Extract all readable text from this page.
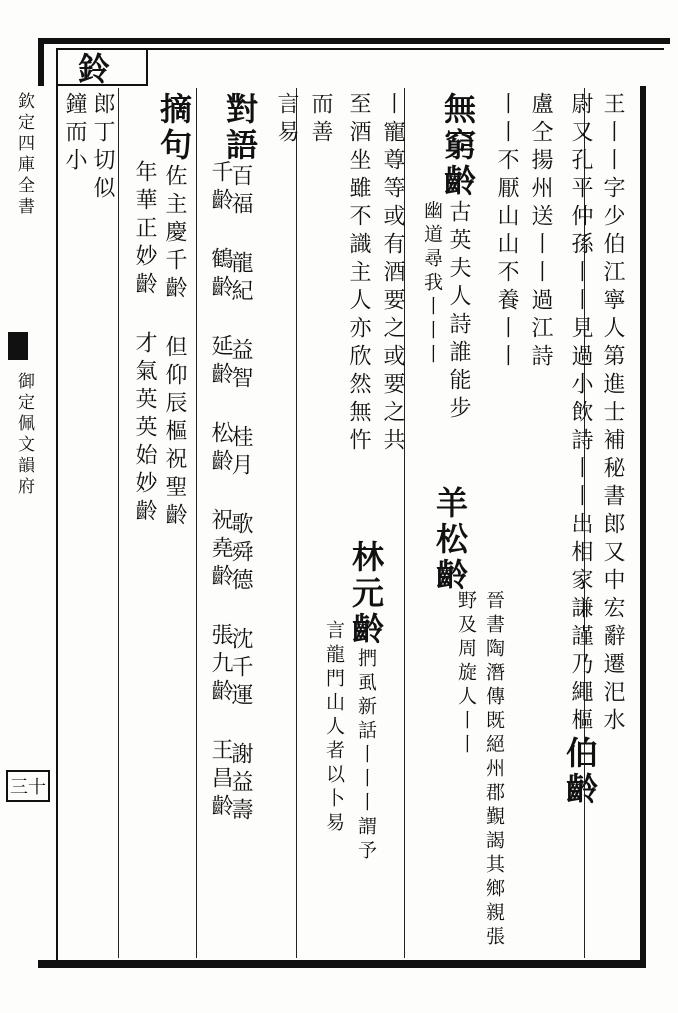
欽定四庫全書
御定佩文韻府
三十
王丨丨字少伯江寧人第進士補秘書郎又中宏辭遷汜水
尉又孔平仲孫丨丨見過小飲詩丨丨出相家謙謹乃繩樞伯齡
盧仝揚州送丨丨過江詩
丨丨不厭山山不養丨丨
無窮齡古英夫人詩誰能步
幽道尋我丨丨丨
羊松齡
晉書陶潛傳既絕州郡覲謁其鄉親張野及周旋人丨丨
丨寵尊等或有酒要之或要之共
林元齡捫虱新話丨丨丨謂予
至酒坐雖不識主人亦欣然無忤
言龍門山人者以卜易
而善
言易
對語百福 龍紀 益智 桂月 歌舜德 沈千運 謝益壽
千齡 鶴齡 延齡 松齡 祝堯齡 張九齡 王昌齡
摘句佐主慶千齡 但仰辰樞祝聖齡
年華正妙齡 才氣英英始妙齡
鈴
郎丁切似
鐘而小
